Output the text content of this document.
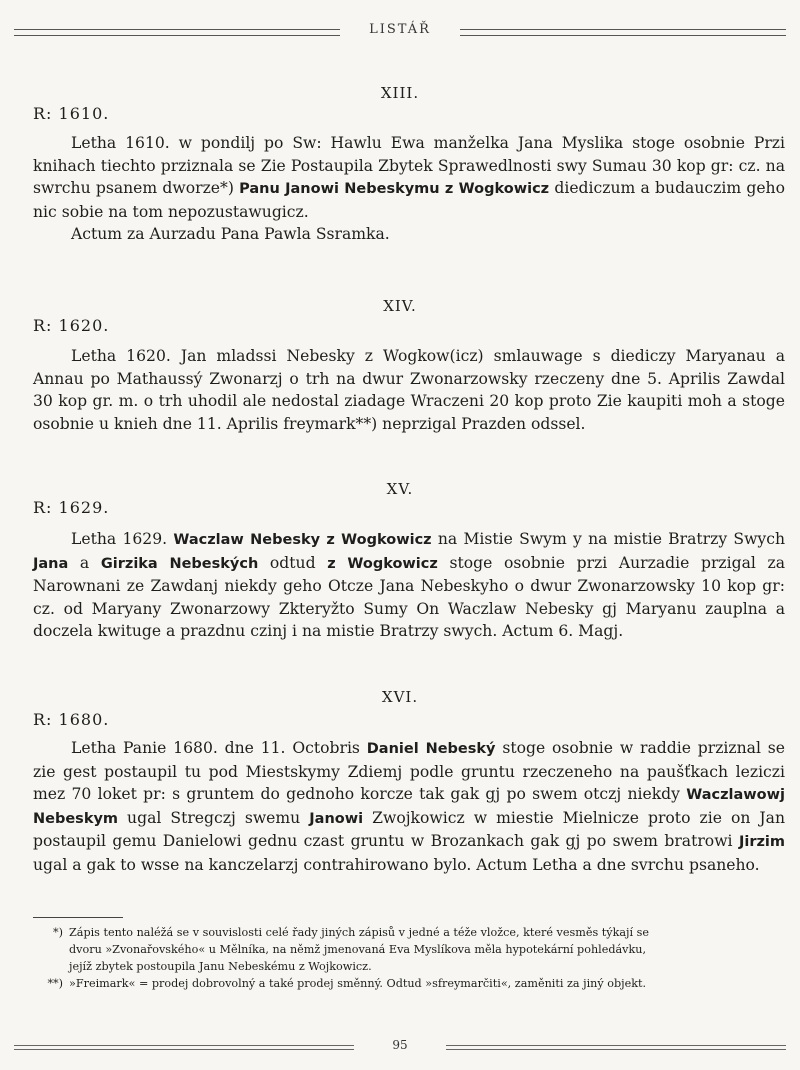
LISTÁŘ
XIII.
R: 1610.

Letha 1610. w pondilj po Sw: Hawlu Ewa manželka Jana Myslika stoge osobnie Przi knihach tiechto prziznala se Zie Postaupila Zbytek Sprawedlnosti swy Sumau 30 kop gr: cz. na swrchu psanem dworze*) Panu Janowi Nebeskymu z Wogkowicz diediczum a budauczim geho nic sobie na tom nepozustawugicz.

Actum za Aurzadu Pana Pawla Ssramka.

XIV.
R: 1620.

Letha 1620. Jan mladssi Nebesky z Wogkow(icz) smlauwage s diediczy Maryanau a Annau po Mathaussý Zwonarzj o trh na dwur Zwonarzowsky rzeczeny dne 5. Aprilis Zawdal 30 kop gr. m. o trh uhodil ale nedostal ziadage Wraczeni 20 kop proto Zie kaupiti moh a stoge osobnie u knieh dne 11. Aprilis freymark**) neprzigal Prazden odssel.

XV.
R: 1629.

Letha 1629. Waczlaw Nebesky z Wogkowicz na Mistie Swym y na mistie Bratrzy Swych Jana a Girzika Nebeských odtud z Wogkowicz stoge osobnie przi Aurzadie przigal za Narownani ze Zawdanj niekdy geho Otcze Jana Nebeskyho o dwur Zwonarzowsky 10 kop gr: cz. od Maryany Zwonarzowy Zkteryžto Sumy On Waczlaw Nebesky gj Maryanu zauplna a doczela kwituge a prazdnu czinj i na mistie Bratrzy swych. Actum 6. Magj.

XVI.
R: 1680.

Letha Panie 1680. dne 11. Octobris Daniel Nebeský stoge osobnie w raddie prziznal se zie gest postaupil tu pod Miestskymy Zdiemj podle gruntu rzeczeneho na paušťkach leziczi mez 70 loket pr: s gruntem do gednoho korcze tak gak gj po swem otczj niekdy Waczlawowj Nebeskym ugal Stregczj swemu Janowi Zwojkowicz w miestie Mielnicze proto zie on Jan postaupil gemu Danielowi gednu czast gruntu w Brozankach gak gj po swem bratrowi Jirzim ugal a gak to wsse na kanczelarzj contrahirowano bylo. Actum Letha a dne svrchu psaneho.

*) Zápis tento naléžá se v souvislosti celé řady jiných zápisů v jedné a téže vložce, které vesměs týkají se

dvoru »Zvonařovského« u Mělníka, na němž jmenovaná Eva Myslíkova měla hypotekární pohledávku,

jejíž zbytek postoupila Janu Nebeskému z Wojkowicz.

**) »Freimark« = prodej dobrovolný a také prodej směnný. Odtud »sfreymarčiti«, zaměniti za jiný objekt.

95
